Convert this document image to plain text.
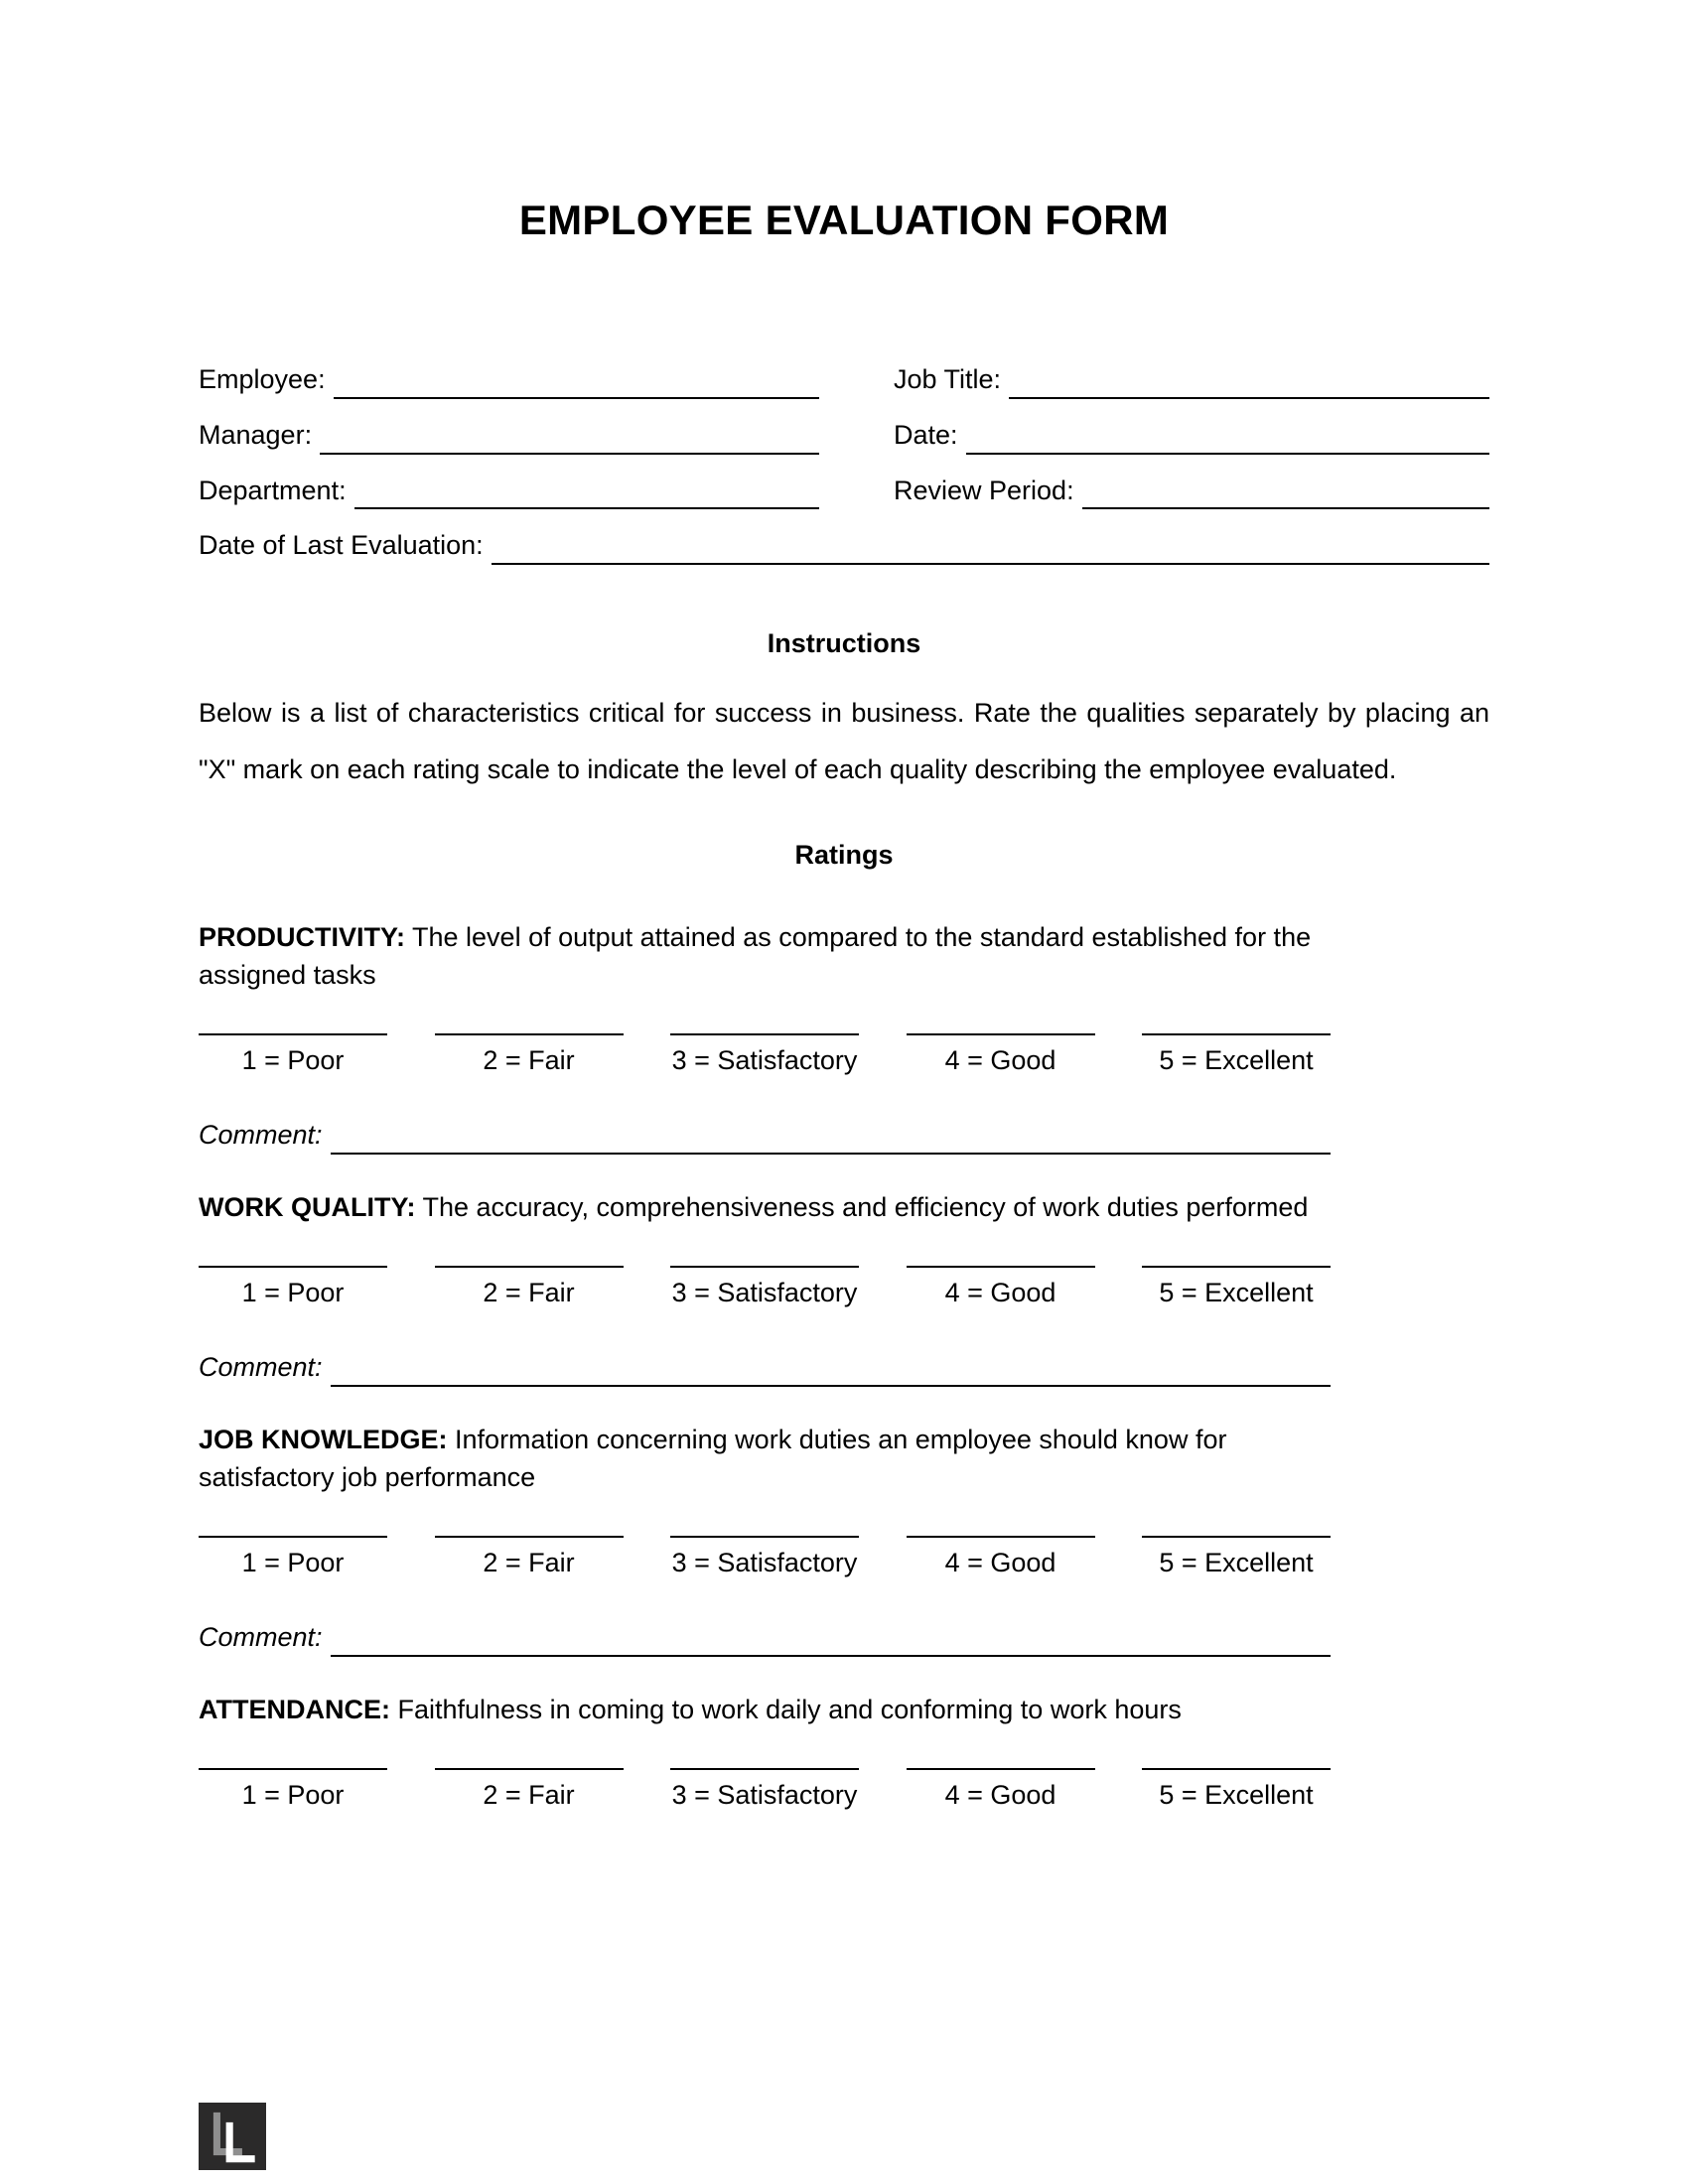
EMPLOYEE EVALUATION FORM
Employee:	Job Title:
Manager:	Date:
Department:	Review Period:
Date of Last Evaluation:
Instructions

Below is a list of characteristics critical for success in business. Rate the qualities separately by placing an "X" mark on each rating scale to indicate the level of each quality describing the employee evaluated.

Ratings

PRODUCTIVITY: The level of output attained as compared to the standard established for the assigned tasks

1 = Poor	2 = Fair	3 = Satisfactory	4 = Good	5 = Excellent
Comment:

WORK QUALITY: The accuracy, comprehensiveness and efficiency of work duties performed

1 = Poor	2 = Fair	3 = Satisfactory	4 = Good	5 = Excellent
Comment:

JOB KNOWLEDGE: Information concerning work duties an employee should know for satisfactory job performance

1 = Poor	2 = Fair	3 = Satisfactory	4 = Good	5 = Excellent
Comment:

ATTENDANCE: Faithfulness in coming to work daily and conforming to work hours

1 = Poor	2 = Fair	3 = Satisfactory	4 = Good	5 = Excellent
